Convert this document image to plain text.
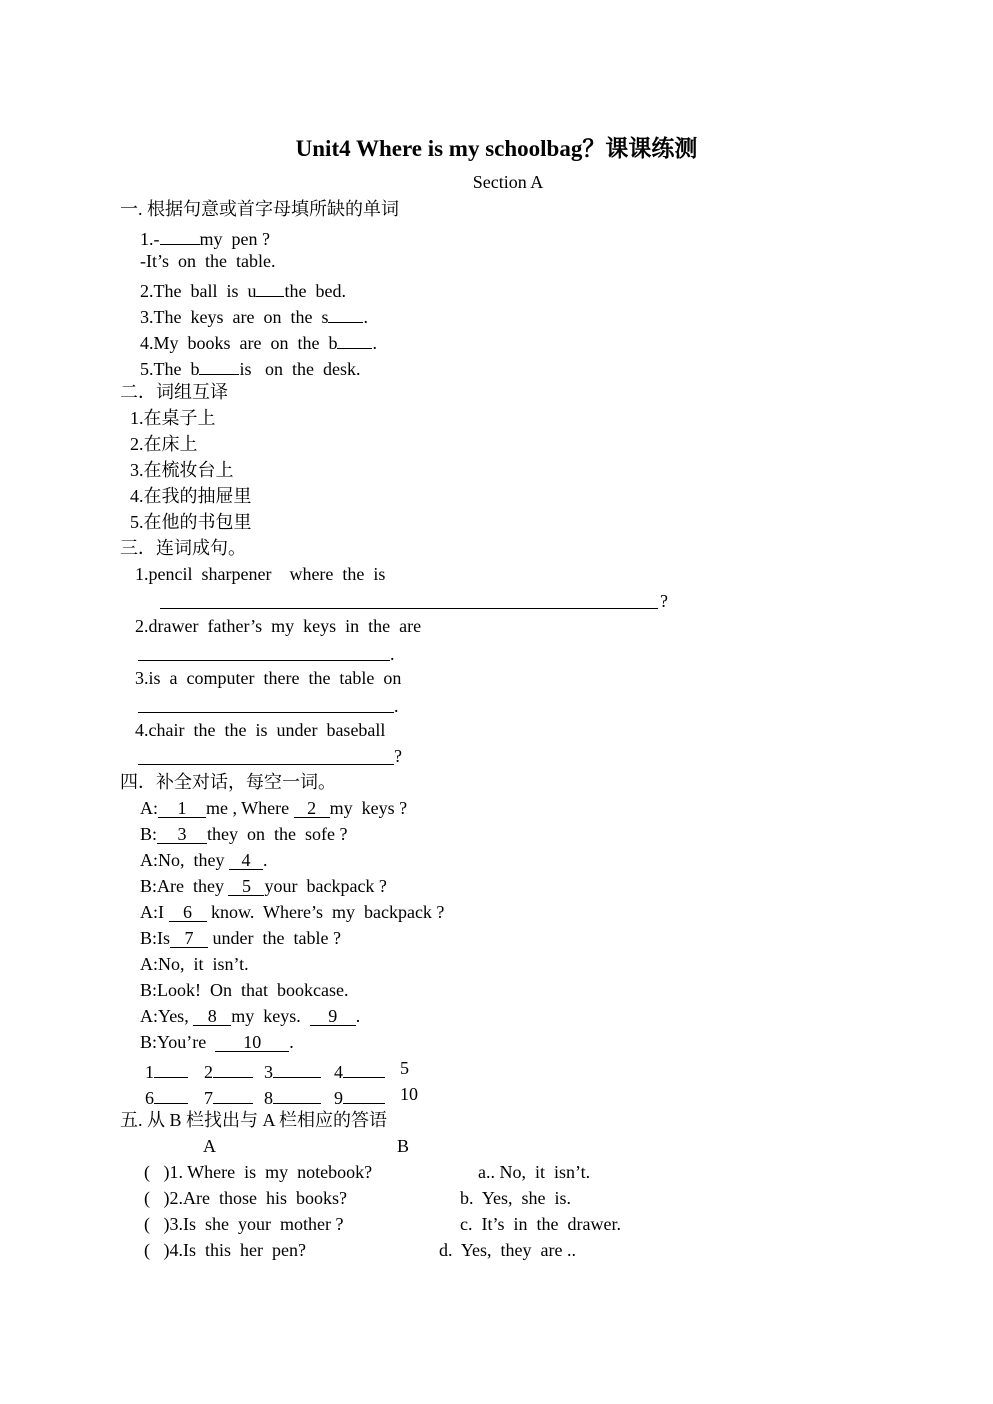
Unit4 Where is my schoolbag？课课练测
Section A
一. 根据句意或首字母填所缺的单词
1.- my  pen ?
-It’s  on  the  table.
2.The  ball  is  u the  bed.
3.The  keys  are  on  the  s .
4.My  books  are  on  the  b .
5.The  b is   on  the  desk.
二．词组互译
1.在桌子上
2.在床上
3.在梳妆台上
4.在我的抽屉里
5.在他的书包里
三．连词成句。
1.pencil  sharpener    where  the  is
?
2.drawer  father’s  my  keys  in  the  are
.
3.is  a  computer  there  the  table  on
.
4.chair  the  the  is  under  baseball
?
四．补全对话，每空一词。
A: 1 me , Where 2 my  keys ?
B: 3 they  on  the  sofe ?
A:No,  they 4 .
B:Are  they 5 your  backpack ?
A:I 6 know.  Where’s  my  backpack ?
B:Is 7 under  the  table ?
A:No,  it  isn’t.
B:Look!  On  that  bookcase.
A:Yes, 8 my  keys.  9 .
B:You’re  10 .
1	2	3	4	5
6	7	8	9	10
五. 从 B 栏找出与 A 栏相应的答语
A	B
(   )1. Where  is  my  notebook?	a.. No,  it  isn’t.
(   )2.Are  those  his  books?	b.  Yes,  she  is.
(   )3.Is  she  your  mother ?	c.  It’s  in  the  drawer.
(   )4.Is  this  her  pen?	d.  Yes,  they  are ..
